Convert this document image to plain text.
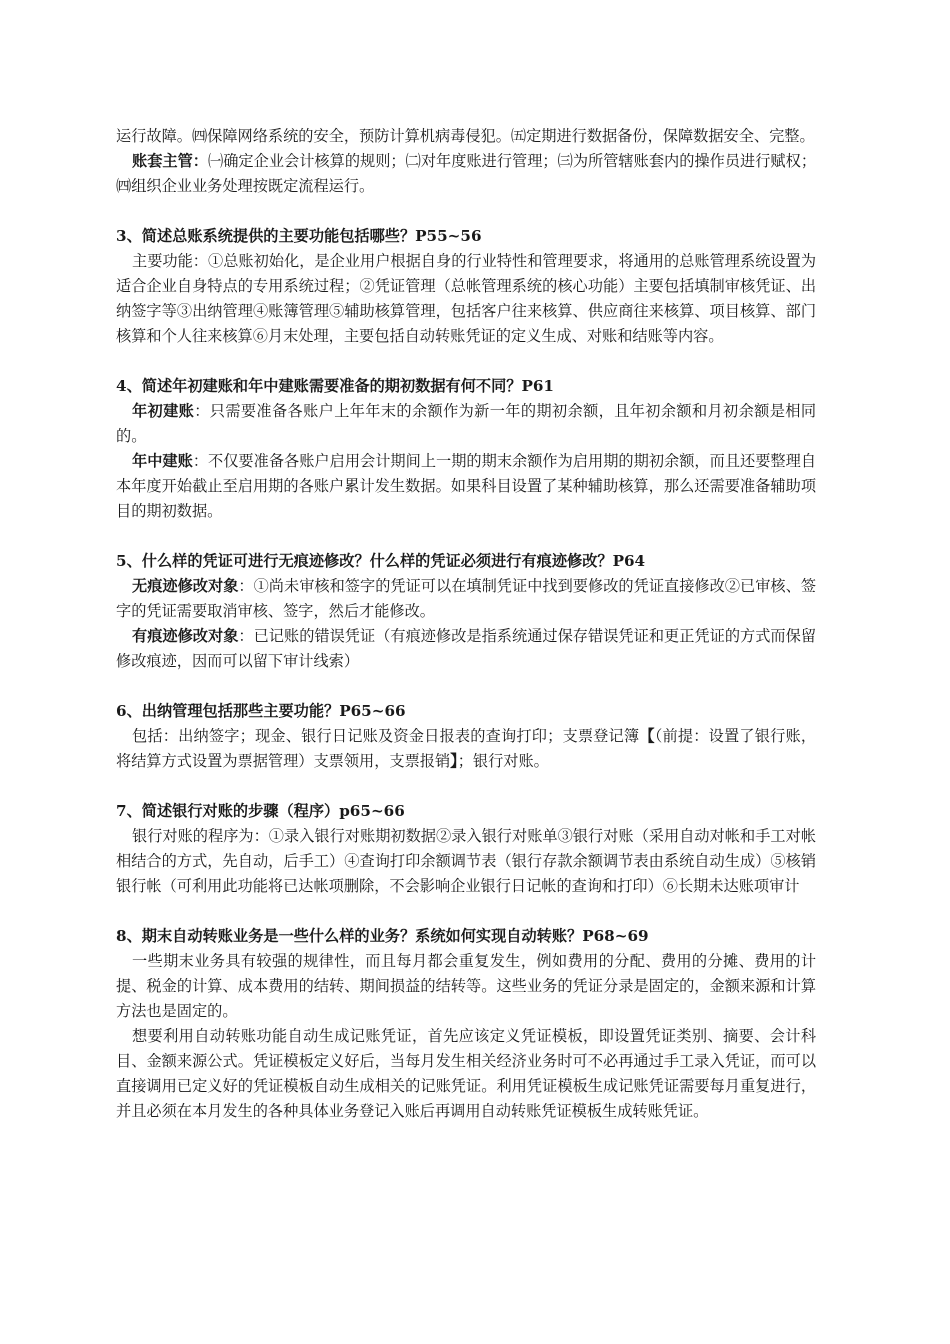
运行故障。㈣保障网络系统的安全，预防计算机病毒侵犯。㈤定期进行数据备份，保障数据安全、完整。

账套主管：㈠确定企业会计核算的规则；㈡对年度账进行管理；㈢为所管辖账套内的操作员进行赋权；㈣组织企业业务处理按既定流程运行。

3、简述总账系统提供的主要功能包括哪些？P55~56

主要功能：①总账初始化，是企业用户根据自身的行业特性和管理要求，将通用的总账管理系统设置为适合企业自身特点的专用系统过程；②凭证管理（总帐管理系统的核心功能）主要包括填制审核凭证、出纳签字等③出纳管理④账簿管理⑤辅助核算管理，包括客户往来核算、供应商往来核算、项目核算、部门核算和个人往来核算⑥月末处理，主要包括自动转账凭证的定义生成、对账和结账等内容。

4、简述年初建账和年中建账需要准备的期初数据有何不同？P61

年初建账：只需要准备各账户上年年末的余额作为新一年的期初余额，且年初余额和月初余额是相同的。

年中建账：不仅要准备各账户启用会计期间上一期的期末余额作为启用期的期初余额，而且还要整理自本年度开始截止至启用期的各账户累计发生数据。如果科目设置了某种辅助核算，那么还需要准备辅助项目的期初数据。

5、什么样的凭证可进行无痕迹修改？什么样的凭证必须进行有痕迹修改？P64

无痕迹修改对象：①尚未审核和签字的凭证可以在填制凭证中找到要修改的凭证直接修改②已审核、签字的凭证需要取消审核、签字，然后才能修改。

有痕迹修改对象：已记账的错误凭证（有痕迹修改是指系统通过保存错误凭证和更正凭证的方式而保留修改痕迹，因而可以留下审计线索）

6、出纳管理包括那些主要功能？P65~66

包括：出纳签字；现金、银行日记账及资金日报表的查询打印；支票登记簿【（前提：设置了银行账，将结算方式设置为票据管理）支票领用，支票报销】；银行对账。

7、简述银行对账的步骤（程序）p65~66

银行对账的程序为：①录入银行对账期初数据②录入银行对账单③银行对账（采用自动对帐和手工对帐相结合的方式，先自动，后手工）④查询打印余额调节表（银行存款余额调节表由系统自动生成）⑤核销银行帐（可利用此功能将已达帐项删除，不会影响企业银行日记帐的查询和打印）⑥长期未达账项审计

8、期末自动转账业务是一些什么样的业务？系统如何实现自动转账？P68~69

一些期末业务具有较强的规律性，而且每月都会重复发生，例如费用的分配、费用的分摊、费用的计提、税金的计算、成本费用的结转、期间损益的结转等。这些业务的凭证分录是固定的，金额来源和计算方法也是固定的。

想要利用自动转账功能自动生成记账凭证，首先应该定义凭证模板，即设置凭证类别、摘要、会计科目、金额来源公式。凭证模板定义好后，当每月发生相关经济业务时可不必再通过手工录入凭证，而可以直接调用已定义好的凭证模板自动生成相关的记账凭证。利用凭证模板生成记账凭证需要每月重复进行，并且必须在本月发生的各种具体业务登记入账后再调用自动转账凭证模板生成转账凭证。
